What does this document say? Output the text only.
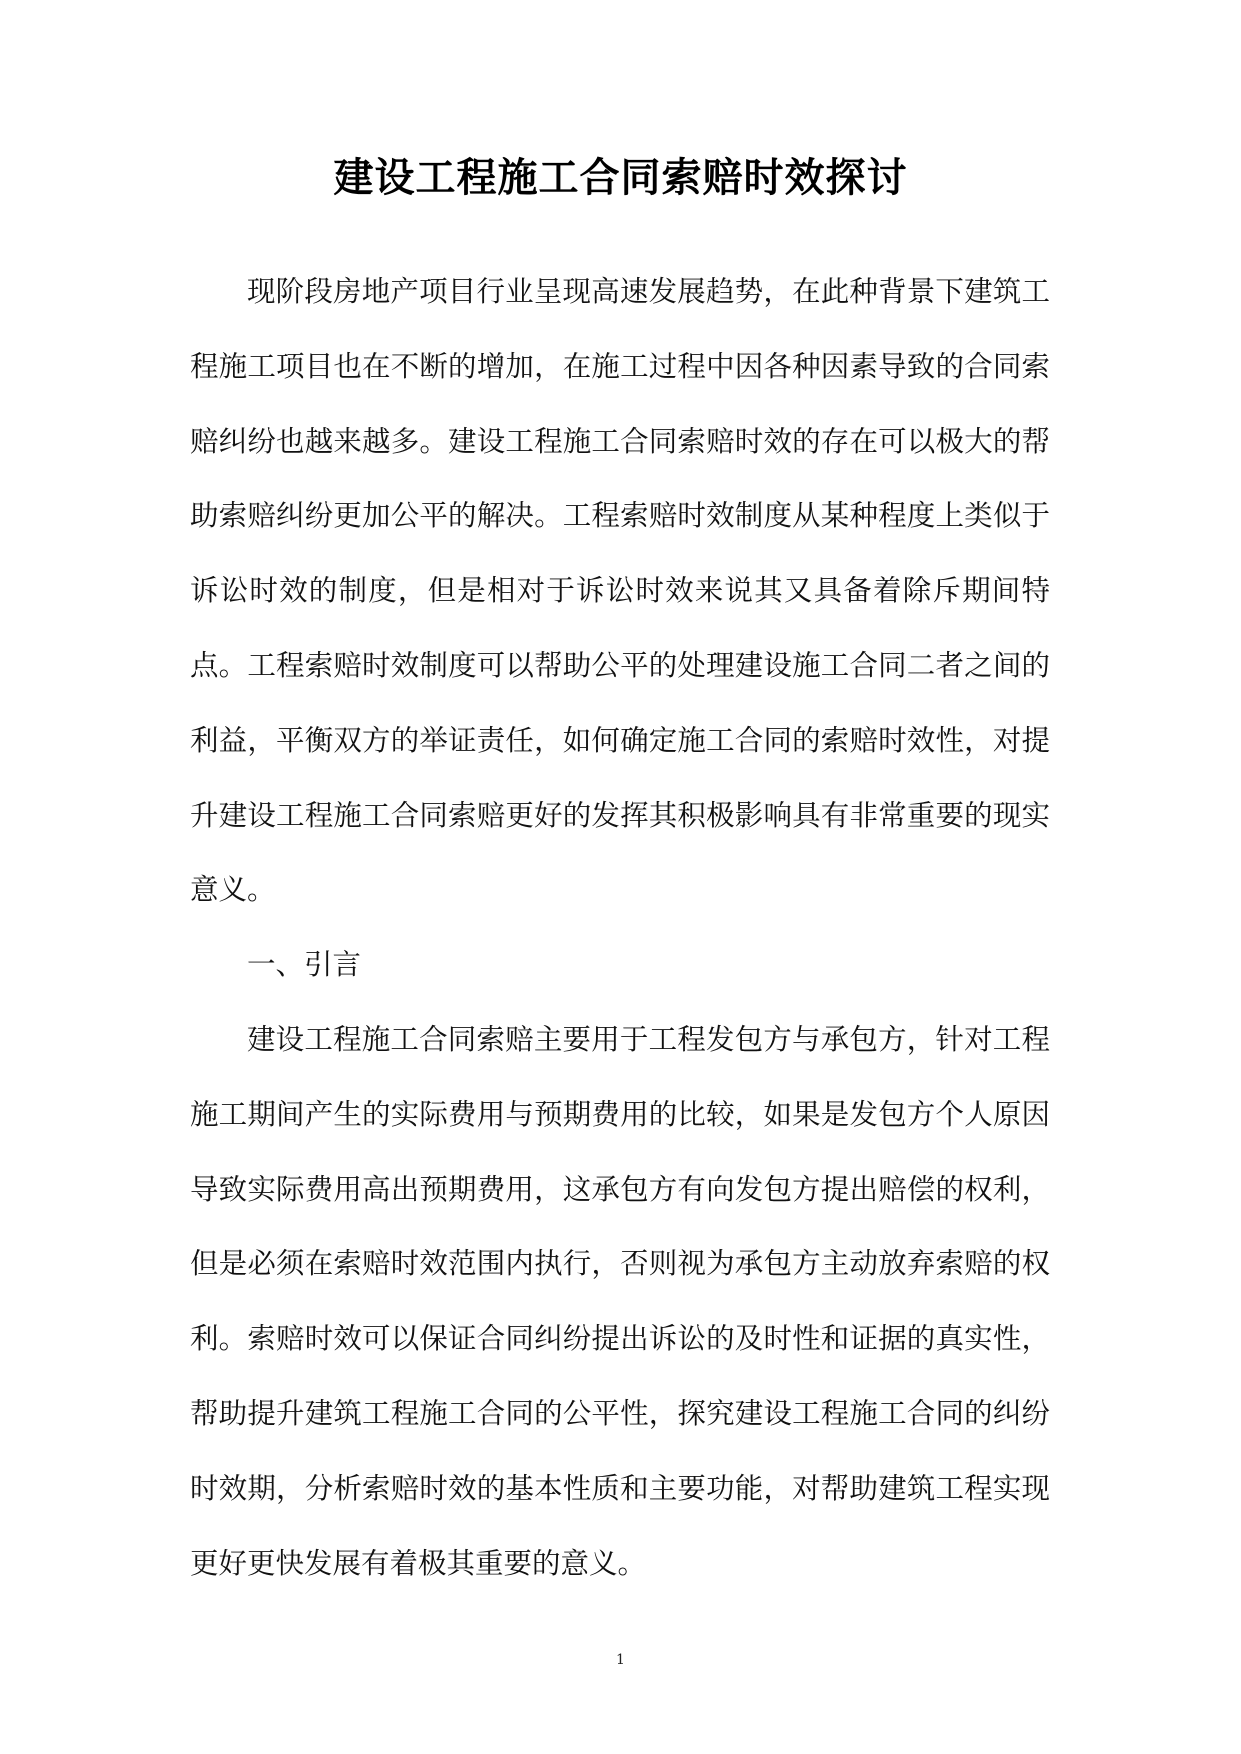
建设工程施工合同索赔时效探讨

现阶段房地产项目行业呈现高速发展趋势，在此种背景下建筑工程施工项目也在不断的增加，在施工过程中因各种因素导致的合同索赔纠纷也越来越多。建设工程施工合同索赔时效的存在可以极大的帮助索赔纠纷更加公平的解决。工程索赔时效制度从某种程度上类似于诉讼时效的制度，但是相对于诉讼时效来说其又具备着除斥期间特点。工程索赔时效制度可以帮助公平的处理建设施工合同二者之间的利益，平衡双方的举证责任，如何确定施工合同的索赔时效性，对提升建设工程施工合同索赔更好的发挥其积极影响具有非常重要的现实意义。

一、引言

建设工程施工合同索赔主要用于工程发包方与承包方，针对工程施工期间产生的实际费用与预期费用的比较，如果是发包方个人原因导致实际费用高出预期费用，这承包方有向发包方提出赔偿的权利，但是必须在索赔时效范围内执行，否则视为承包方主动放弃索赔的权利。索赔时效可以保证合同纠纷提出诉讼的及时性和证据的真实性，帮助提升建筑工程施工合同的公平性，探究建设工程施工合同的纠纷时效期，分析索赔时效的基本性质和主要功能，对帮助建筑工程实现更好更快发展有着极其重要的意义。

1
